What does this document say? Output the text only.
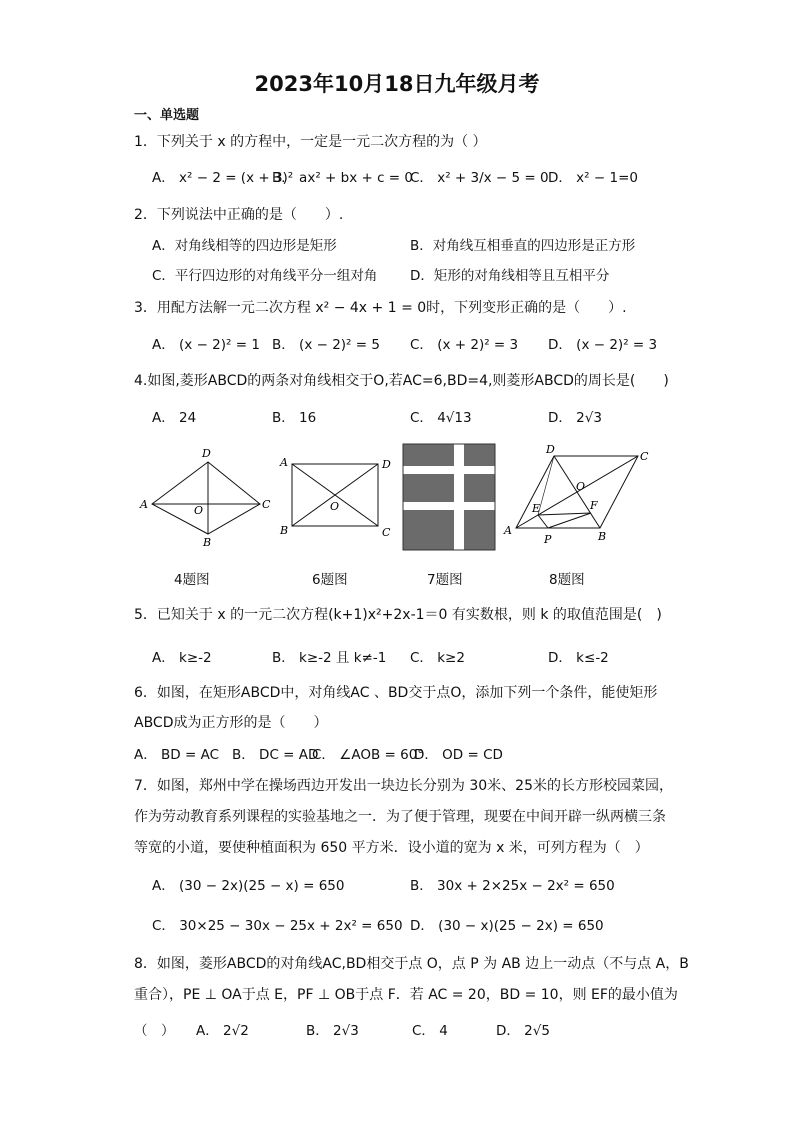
2023年10月18日九年级月考
一、单选题
1．下列关于 x 的方程中，一定是一元二次方程的为（ ）
A． x² − 2 = (x + 3)²
B． ax² + bx + c = 0
C． x² + 3/x − 5 = 0 D． x² − 1=0
2．下列说法中正确的是（　　）.
A．对角线相等的四边形是矩形	B．对角线互相垂直的四边形是正方形
C．平行四边形的对角线平分一组对角 D．矩形的对角线相等且互相平分
3．用配方法解一元二次方程 x² − 4x + 1 = 0时，下列变形正确的是（　　）.
A． (x − 2)² = 1 B． (x − 2)² = 5 C． (x + 2)² = 3 D． (x − 2)² = 3
4.如图,菱形ABCD的两条对角线相交于O,若AC=6,BD=4,则菱形ABCD的周长是(　　)
A． 24	B． 16	C． 4√13	D． 2√3
A
D
C
B
O
A	D
B	C
O
A
D
C
B
O
E	F
P
4题图	6题图	7题图	8题图
5．已知关于 x 的一元二次方程(k+1)x²+2x-1＝0 有实数根，则 k 的取值范围是(　)
A． k≥-2	B． k≥-2 且 k≠-1 C． k≥2	D． k≤-2
6．如图，在矩形ABCD中，对角线AC 、BD交于点O，添加下列一个条件，能使矩形
ABCD成为正方形的是（　　）
A． BD = AC B． DC = AD
C． ∠AOB = 60°
D． OD = CD
7．如图，郑州中学在操场西边开发出一块边长分别为 30米、25米的长方形校园菜园，
作为劳动教育系列课程的实验基地之一．为了便于管理，现要在中间开辟一纵两横三条
等宽的小道，要使种植面积为 650 平方米．设小道的宽为 x 米，可列方程为（　）
A． (30 − 2x)(25 − x) = 650	B． 30x + 2×25x − 2x² = 650
C． 30×25 − 30x − 25x + 2x² = 650 D． (30 − x)(25 − 2x) = 650
8．如图，菱形ABCD的对角线AC,BD相交于点 O，点 P 为 AB 边上一动点（不与点 A，B
重合），PE ⊥ OA于点 E，PF ⊥ OB于点 F．若 AC = 20，BD = 10，则 EF的最小值为
（　） A． 2√2	B． 2√3	C． 4	D． 2√5
